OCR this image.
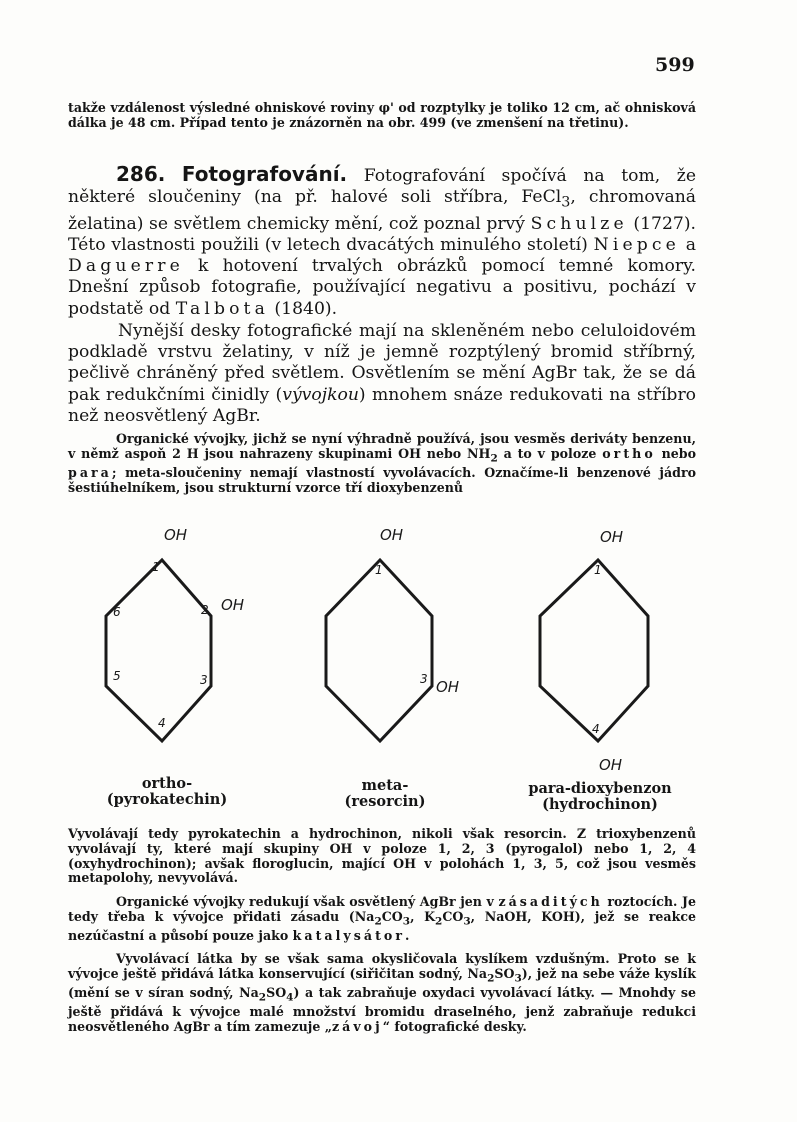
599

takže vzdálenost výsledné ohniskové roviny φ' od rozptylky je toliko 12 cm, ač ohnisková dálka je 48 cm. Případ tento je znázorněn na obr. 499 (ve zmenšení na třetinu).

286. Fotografování. Fotografování spočívá na tom, že některé sloučeniny (na př. halové soli stříbra, FeCl$_3$, chromovaná želatina) se světlem chemicky mění, což poznal prvý Schulze (1727). Této vlastnosti použili (v letech dvacátých minulého století) Niepce a Daguerre k hotovení trvalých obrázků pomocí temné komory. Dnešní způsob fotografie, používající negativu a positivu, pochází v podstatě od Talbota (1840).

Nynější desky fotografické mají na skleněném nebo celuloidovém podkladě vrstvu želatiny, v níž je jemně rozptýlený bromid stříbrný, pečlivě chráněný před světlem. Osvětlením se mění AgBr tak, že se dá pak redukčními činidly (vývojkou) mnohem snáze redukovati na stříbro než neosvětlený AgBr.

Organické vývojky, jichž se nyní výhradně používá, jsou vesměs deriváty benzenu, v němž aspoň 2 H jsou nahrazeny skupinami OH nebo $NH_2$ a to v poloze ortho nebo para; meta-sloučeniny nemají vlastností vyvolávacích. Označíme-li benzenové jádro šestiúhelníkem, jsou strukturní vzorce tří dioxybenzenů

OH
OH
1
2
3
4
5
6
OH
OH
1
3
OH
OH
1
4
ortho-
(pyrokatechin)
meta-
(resorcin)
para-dioxybenzon
(hydrochinon)

Vyvolávají tedy pyrokatechin a hydrochinon, nikoli však resorcin. Z trioxybenzenů vyvolávají ty, které mají skupiny OH v poloze 1, 2, 3 (pyrogalol) nebo 1, 2, 4 (oxyhydrochinon); avšak floroglucin, mající OH v polohách 1, 3, 5, což jsou vesměs metapolohy, nevyvolává.

Organické vývojky redukují však osvětlený AgBr jen v zásaditých roztocích. Je tedy třeba k vývojce přidati zásadu ($Na_2CO_3$, $K_2CO_3$, NaOH, KOH), jež se reakce nezúčastní a působí pouze jako katalysátor.

Vyvolávací látka by se však sama okysličovala kyslíkem vzdušným. Proto se k vývojce ještě přidává látka konservující (siřičitan sodný, $Na_2SO_3$), jež na sebe váže kyslík (mění se v síran sodný, $Na_2SO_4$) a tak zabraňuje oxydaci vyvolávací látky. — Mnohdy se ještě přidává k vývojce malé množství bromidu draselného, jenž zabraňuje redukci neosvětleného AgBr a tím zamezuje „závoj“ fotografické desky.
